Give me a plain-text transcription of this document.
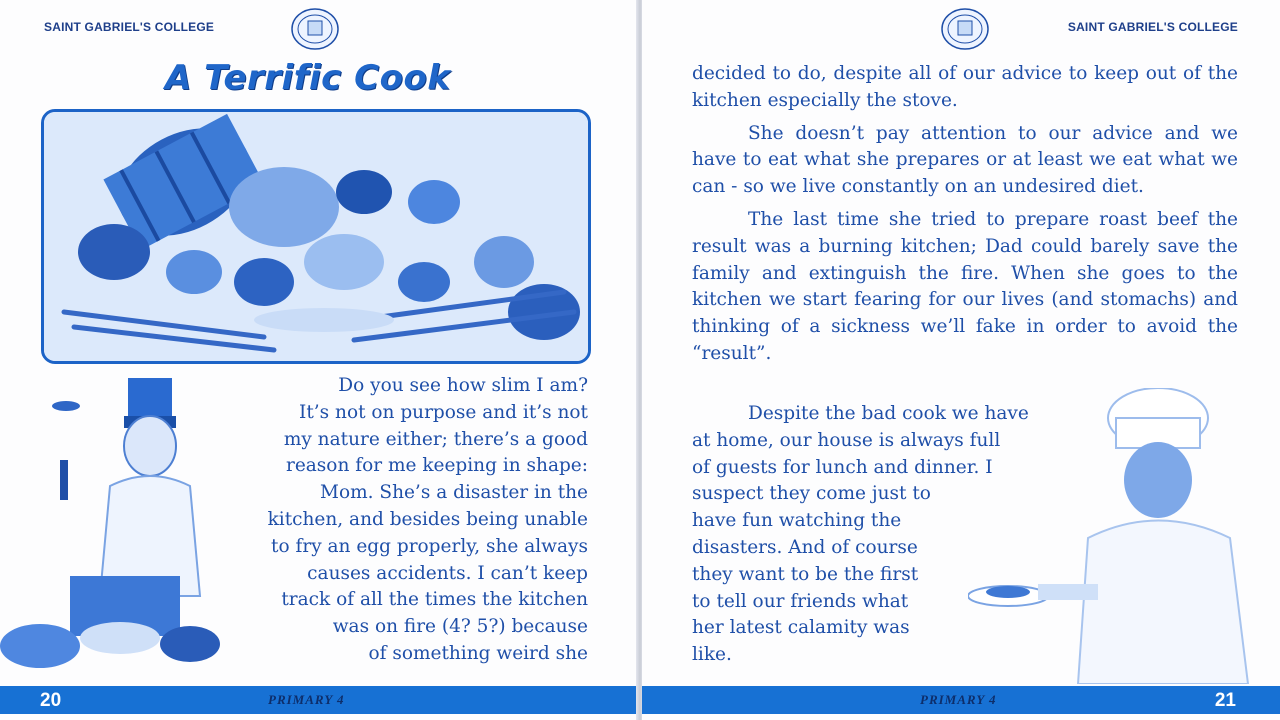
SAINT GABRIEL'S COLLEGE
A Terrific Cook
Do you see how slim I am?
It’s not on purpose and it’s not
my nature either; there’s a good
reason for me keeping in shape:
Mom. She’s a disaster in the
kitchen, and besides being unable
to fry an egg properly, she always
causes accidents. I can’t keep
track of all the times the kitchen
was on fire (4? 5?) because
of something weird she
20	PRIMARY 4
SAINT GABRIEL'S COLLEGE

decided to do, despite all of our advice to keep out of the kitchen especially the stove.

She doesn’t pay attention to our advice and we have to eat what she prepares or at least we eat what we can - so we live constantly on an undesired diet.

The last time she tried to prepare roast beef the result was a burning kitchen; Dad could barely save the family and extinguish the fire. When she goes to the kitchen we start fearing for our lives (and stomachs) and thinking of a sickness we’ll fake in order to avoid the “result”.

Despite the bad cook we have
at home, our house is always full
of guests for lunch and dinner. I
suspect they come just to
have fun watching the
disasters. And of course
they want to be the first
to tell our friends what
her latest calamity was
like.
PRIMARY 4	21
